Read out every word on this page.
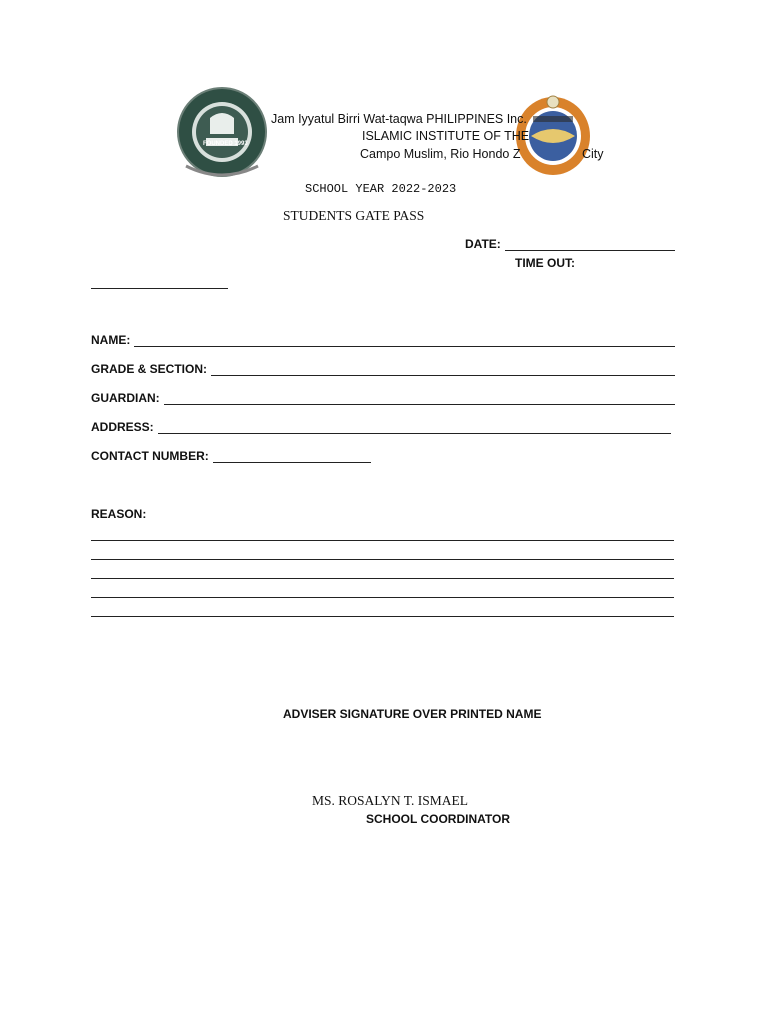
FOUNDED 1993
Jam Iyyatul Birri Wat-taqwa PHILIPPINES Inc.
ISLAMIC INSTITUTE OF THE
Campo Muslim, Rio Hondo Z	City
SCHOOL YEAR 2022-2023
STUDENTS GATE PASS
DATE:
TIME OUT:
NAME:
GRADE & SECTION:
GUARDIAN:
ADDRESS:
CONTACT NUMBER:
REASON:
ADVISER SIGNATURE OVER PRINTED NAME
MS. ROSALYN T. ISMAEL
SCHOOL COORDINATOR
